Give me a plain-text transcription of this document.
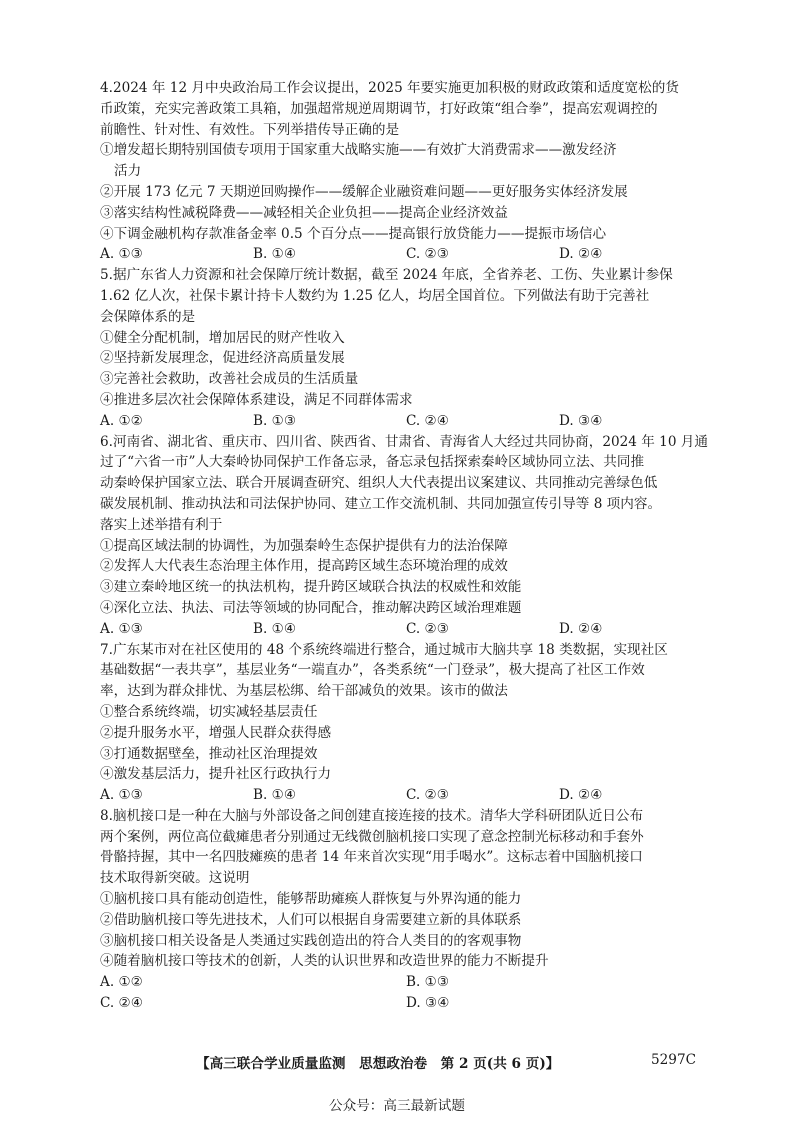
4.2024 年 12 月中央政治局工作会议提出，2025 年要实施更加积极的财政政策和适度宽松的货

币政策，充实完善政策工具箱，加强超常规逆周期调节，打好政策“组合拳”，提高宏观调控的

前瞻性、针对性、有效性。下列举措传导正确的是

①增发超长期特别国债专项用于国家重大战略实施——有效扩大消费需求——激发经济

活力

②开展 173 亿元 7 天期逆回购操作——缓解企业融资难问题——更好服务实体经济发展

③落实结构性减税降费——减轻相关企业负担——提高企业经济效益

④下调金融机构存款准备金率 0.5 个百分点——提高银行放贷能力——提振市场信心

A. ①③	B. ①④	C. ②③	D. ②④

5.据广东省人力资源和社会保障厅统计数据，截至 2024 年底，全省养老、工伤、失业累计参保

1.62 亿人次，社保卡累计持卡人数约为 1.25 亿人，均居全国首位。下列做法有助于完善社

会保障体系的是

①健全分配机制，增加居民的财产性收入

②坚持新发展理念，促进经济高质量发展

③完善社会救助，改善社会成员的生活质量

④推进多层次社会保障体系建设，满足不同群体需求

A. ①②	B. ①③	C. ②④	D. ③④

6.河南省、湖北省、重庆市、四川省、陕西省、甘肃省、青海省人大经过共同协商，2024 年 10 月通

过了“六省一市”人大秦岭协同保护工作备忘录，备忘录包括探索秦岭区域协同立法、共同推

动秦岭保护国家立法、联合开展调查研究、组织人大代表提出议案建议、共同推动完善绿色低

碳发展机制、推动执法和司法保护协同、建立工作交流机制、共同加强宣传引导等 8 项内容。

落实上述举措有利于

①提高区域法制的协调性，为加强秦岭生态保护提供有力的法治保障

②发挥人大代表生态治理主体作用，提高跨区域生态环境治理的成效

③建立秦岭地区统一的执法机构，提升跨区域联合执法的权威性和效能

④深化立法、执法、司法等领域的协同配合，推动解决跨区域治理难题

A. ①③	B. ①④	C. ②③	D. ②④

7.广东某市对在社区使用的 48 个系统终端进行整合，通过城市大脑共享 18 类数据，实现社区

基础数据“一表共享”，基层业务“一端直办”，各类系统“一门登录”，极大提高了社区工作效

率，达到为群众排忧、为基层松绑、给干部减负的效果。该市的做法

①整合系统终端，切实减轻基层责任

②提升服务水平，增强人民群众获得感

③打通数据壁垒，推动社区治理提效

④激发基层活力，提升社区行政执行力

A. ①③	B. ①④	C. ②③	D. ②④

8.脑机接口是一种在大脑与外部设备之间创建直接连接的技术。清华大学科研团队近日公布

两个案例，两位高位截瘫患者分别通过无线微创脑机接口实现了意念控制光标移动和手套外

骨骼持握，其中一名四肢瘫痪的患者 14 年来首次实现“用手喝水”。这标志着中国脑机接口

技术取得新突破。这说明

①脑机接口具有能动创造性，能够帮助瘫痪人群恢复与外界沟通的能力

②借助脑机接口等先进技术，人们可以根据自身需要建立新的具体联系

③脑机接口相关设备是人类通过实践创造出的符合人类目的的客观事物

④随着脑机接口等技术的创新，人类的认识世界和改造世界的能力不断提升

A. ①②	B. ①③
C. ②④	D. ③④
【高三联合学业质量监测　思想政治卷　第 2 页(共 6 页)】	5297C
公众号：高三最新试题
